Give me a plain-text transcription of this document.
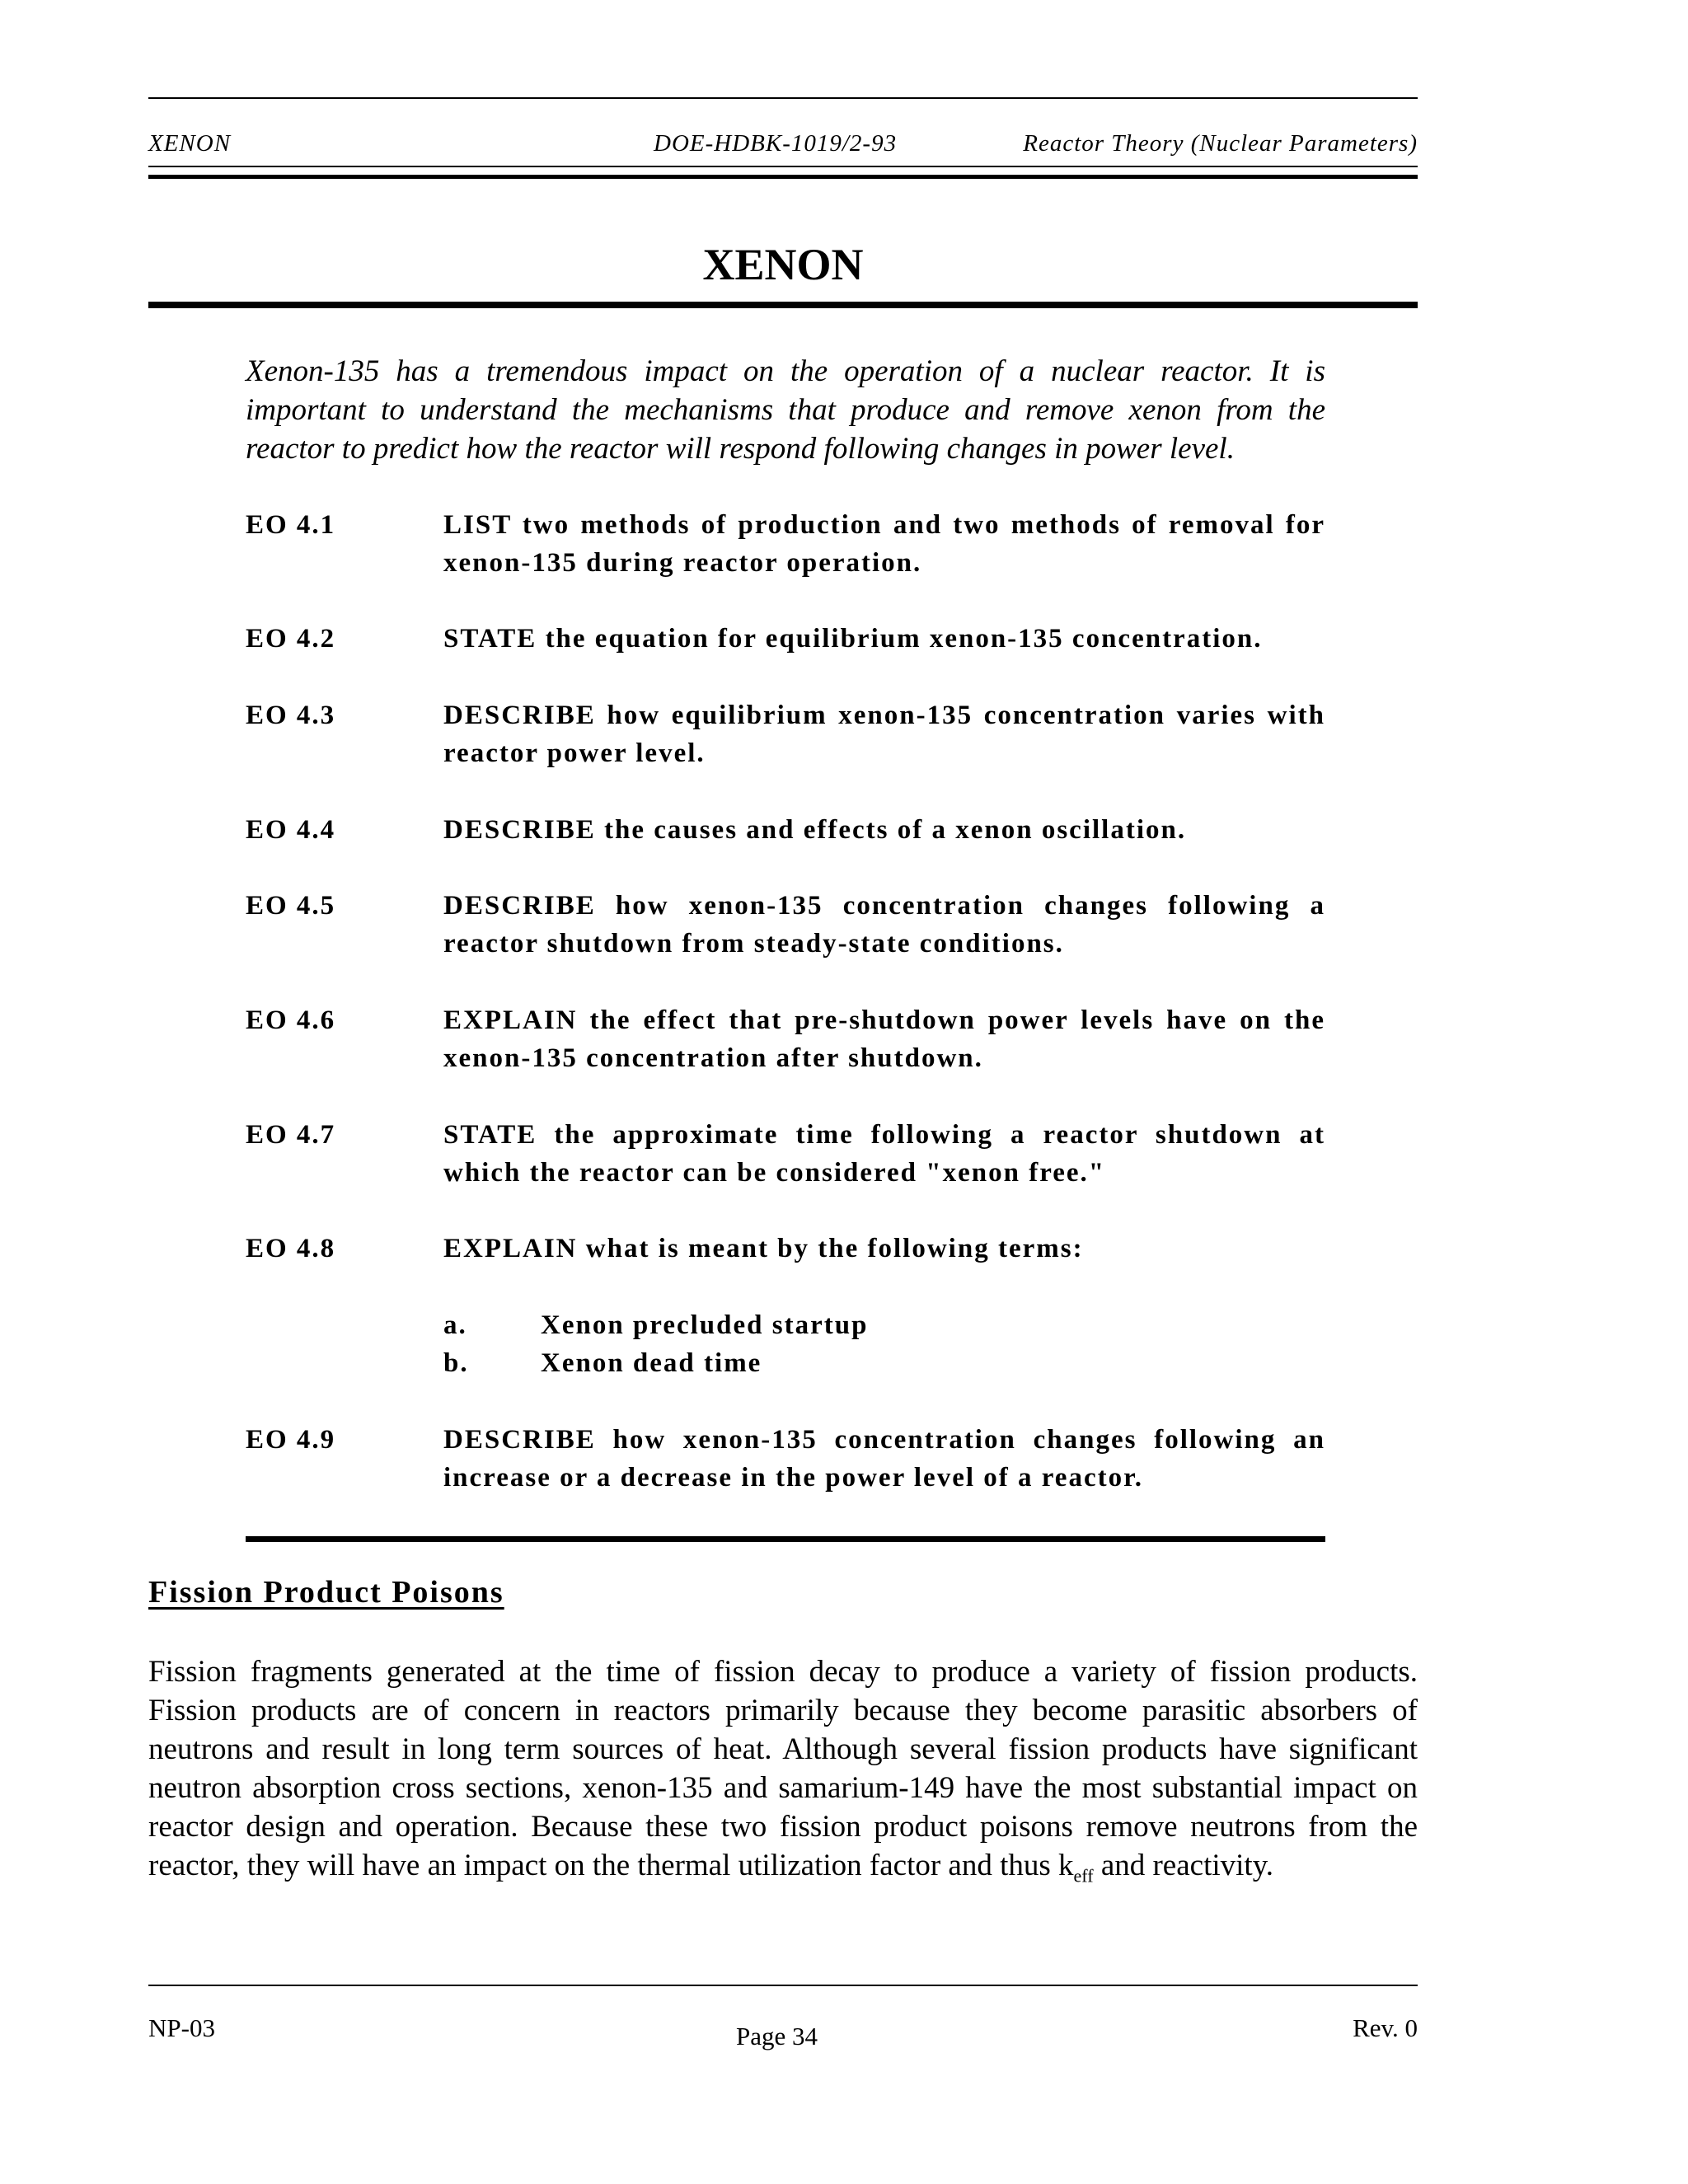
XENON	DOE-HDBK-1019/2-93	Reactor Theory (Nuclear Parameters)
XENON

Xenon-135 has a tremendous impact on the operation of a nuclear reactor. It is important to understand the mechanisms that produce and remove xenon from the reactor to predict how the reactor will respond following changes in power level.

EO 4.1	LIST two methods of production and two methods of removal for xenon-135 during reactor operation.
EO 4.2	STATE the equation for equilibrium xenon-135 concentration.
EO 4.3	DESCRIBE how equilibrium xenon-135 concentration varies with reactor power level.
EO 4.4	DESCRIBE the causes and effects of a xenon oscillation.
EO 4.5	DESCRIBE how xenon-135 concentration changes following a reactor shutdown from steady-state conditions.
EO 4.6	EXPLAIN the effect that pre-shutdown power levels have on the xenon-135 concentration after shutdown.
EO 4.7	STATE the approximate time following a reactor shutdown at which the reactor can be considered "xenon free."
EO 4.8	EXPLAIN what is meant by the following terms:
a.	Xenon precluded startup
b.	Xenon dead time
EO 4.9	DESCRIBE how xenon-135 concentration changes following an increase or a decrease in the power level of a reactor.
Fission Product Poisons

Fission fragments generated at the time of fission decay to produce a variety of fission products. Fission products are of concern in reactors primarily because they become parasitic absorbers of neutrons and result in long term sources of heat. Although several fission products have significant neutron absorption cross sections, xenon-135 and samarium-149 have the most substantial impact on reactor design and operation. Because these two fission product poisons remove neutrons from the reactor, they will have an impact on the thermal utilization factor and thus $k_{eff}$ and reactivity.

NP-03	Page 34	Rev. 0
